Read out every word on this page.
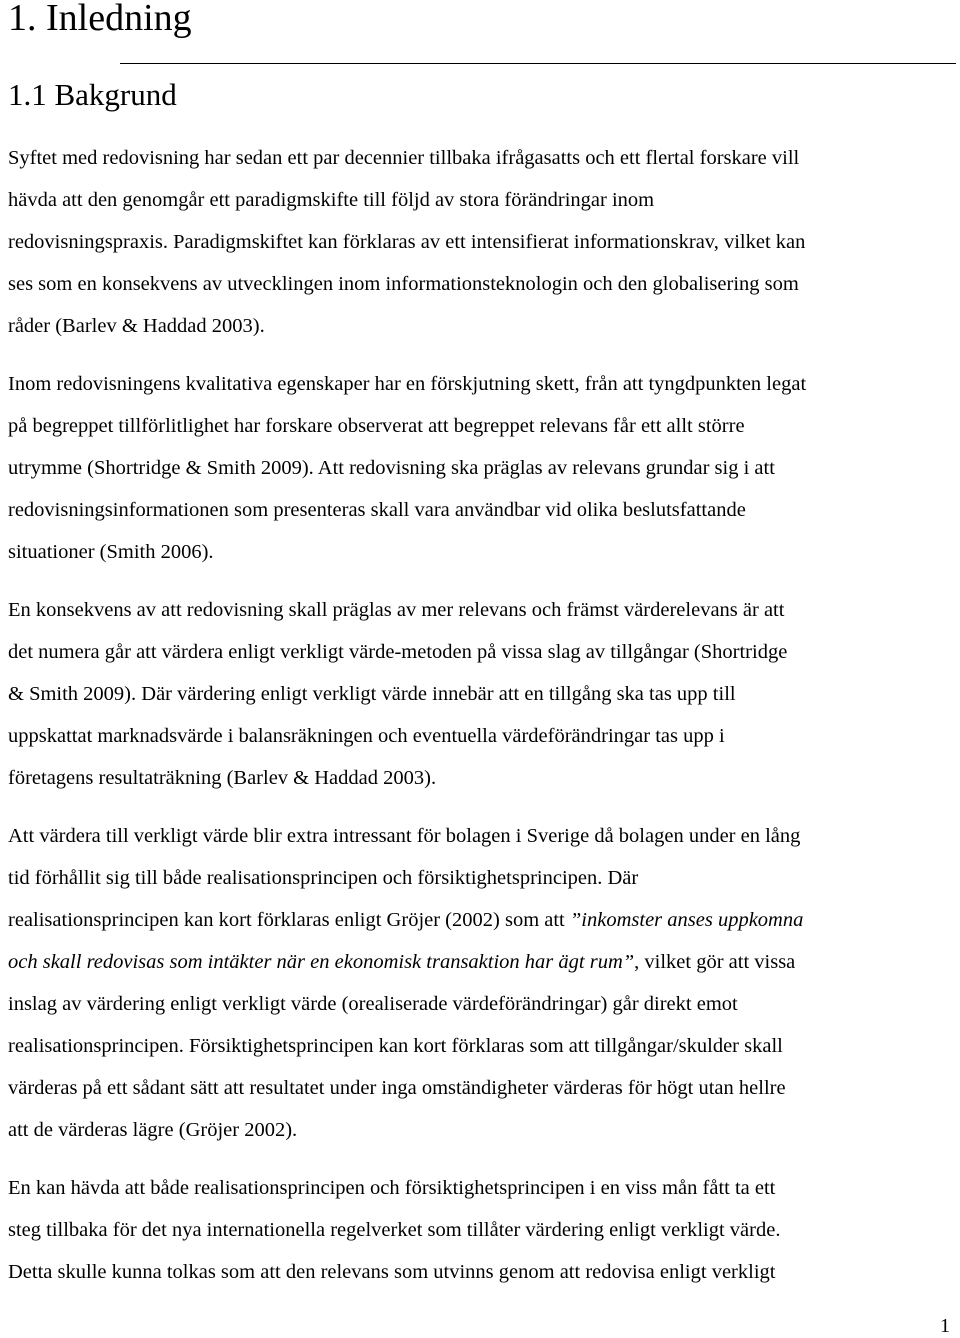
1. Inledning
1.1 Bakgrund
Syftet med redovisning har sedan ett par decennier tillbaka ifrågasatts och ett flertal forskare vill
hävda att den genomgår ett paradigmskifte till följd av stora förändringar inom
redovisningspraxis. Paradigmskiftet kan förklaras av ett intensifierat informationskrav, vilket kan
ses som en konsekvens av utvecklingen inom informationsteknologin och den globalisering som
råder (Barlev & Haddad 2003).
Inom redovisningens kvalitativa egenskaper har en förskjutning skett, från att tyngdpunkten legat
på begreppet tillförlitlighet har forskare observerat att begreppet relevans får ett allt större
utrymme (Shortridge & Smith 2009). Att redovisning ska präglas av relevans grundar sig i att
redovisningsinformationen som presenteras skall vara användbar vid olika beslutsfattande
situationer (Smith 2006).
En konsekvens av att redovisning skall präglas av mer relevans och främst värderelevans är att
det numera går att värdera enligt verkligt värde-metoden på vissa slag av tillgångar (Shortridge
& Smith 2009). Där värdering enligt verkligt värde innebär att en tillgång ska tas upp till
uppskattat marknadsvärde i balansräkningen och eventuella värdeförändringar tas upp i
företagens resultaträkning (Barlev & Haddad 2003).
Att värdera till verkligt värde blir extra intressant för bolagen i Sverige då bolagen under en lång
tid förhållit sig till både realisationsprincipen och försiktighetsprincipen. Där
realisationsprincipen kan kort förklaras enligt Gröjer (2002) som att ”inkomster anses uppkomna
och skall redovisas som intäkter när en ekonomisk transaktion har ägt rum”, vilket gör att vissa
inslag av värdering enligt verkligt värde (orealiserade värdeförändringar) går direkt emot
realisationsprincipen. Försiktighetsprincipen kan kort förklaras som att tillgångar/skulder skall
värderas på ett sådant sätt att resultatet under inga omständigheter värderas för högt utan hellre
att de värderas lägre (Gröjer 2002).
En kan hävda att både realisationsprincipen och försiktighetsprincipen i en viss mån fått ta ett
steg tillbaka för det nya internationella regelverket som tillåter värdering enligt verkligt värde.
Detta skulle kunna tolkas som att den relevans som utvinns genom att redovisa enligt verkligt
1
